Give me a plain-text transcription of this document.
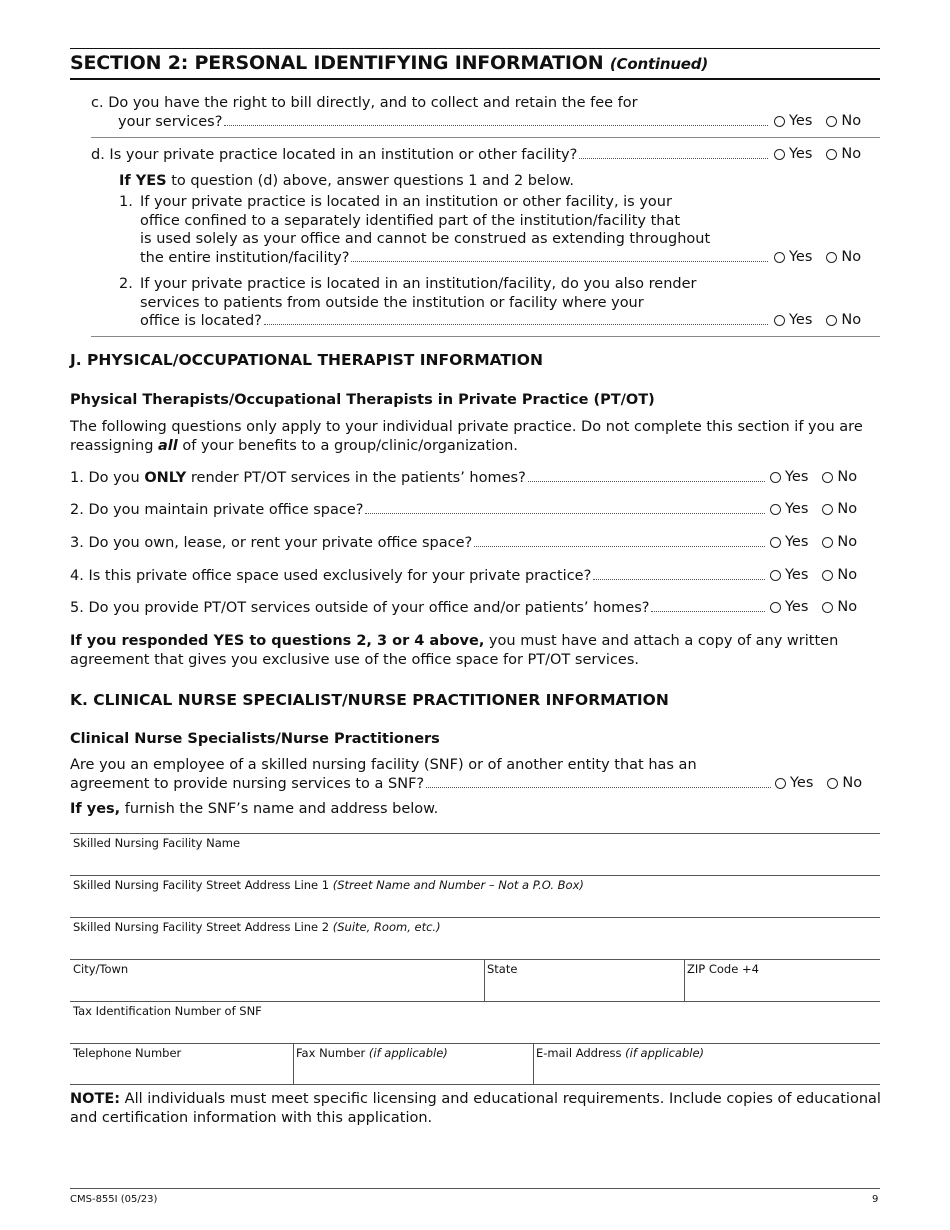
SECTION 2: PERSONAL IDENTIFYING INFORMATION (Continued)
c. Do you have the right to bill directly, and to collect and retain the fee for
your services?	Yes No
d. Is your private practice located in an institution or other facility?	Yes No
If YES to question (d) above, answer questions 1 and 2 below.
1. If your private practice is located in an institution or other facility, is your
office confined to a separately identified part of the institution/facility that
is used solely as your office and cannot be construed as extending throughout
the entire institution/facility?	Yes No
2. If your private practice is located in an institution/facility, do you also render
services to patients from outside the institution or facility where your
office is located?	Yes No
J. PHYSICAL/OCCUPATIONAL THERAPIST INFORMATION
Physical Therapists/Occupational Therapists in Private Practice (PT/OT)
The following questions only apply to your individual private practice. Do not complete this section if you are reassigning all of your benefits to a group/clinic/organization.
1. Do you ONLY render PT/OT services in the patients’ homes?	Yes No
2. Do you maintain private office space?	Yes No
3. Do you own, lease, or rent your private office space?	Yes No
4. Is this private office space used exclusively for your private practice?	Yes No
5. Do you provide PT/OT services outside of your office and/or patients’ homes?	Yes No
If you responded YES to questions 2, 3 or 4 above, you must have and attach a copy of any written agreement that gives you exclusive use of the office space for PT/OT services.
K. CLINICAL NURSE SPECIALIST/NURSE PRACTITIONER INFORMATION
Clinical Nurse Specialists/Nurse Practitioners
Are you an employee of a skilled nursing facility (SNF) or of another entity that has an
agreement to provide nursing services to a SNF?	Yes No
If yes, furnish the SNF’s name and address below.
Skilled Nursing Facility Name
Skilled Nursing Facility Street Address Line 1 (Street Name and Number – Not a P.O. Box)
Skilled Nursing Facility Street Address Line 2 (Suite, Room, etc.)
City/Town	State	ZIP Code +4
Tax Identification Number of SNF
Telephone Number	Fax Number (if applicable)	E-mail Address (if applicable)
NOTE: All individuals must meet specific licensing and educational requirements. Include copies of educational and certification information with this application.
CMS-855I (05/23)	9
